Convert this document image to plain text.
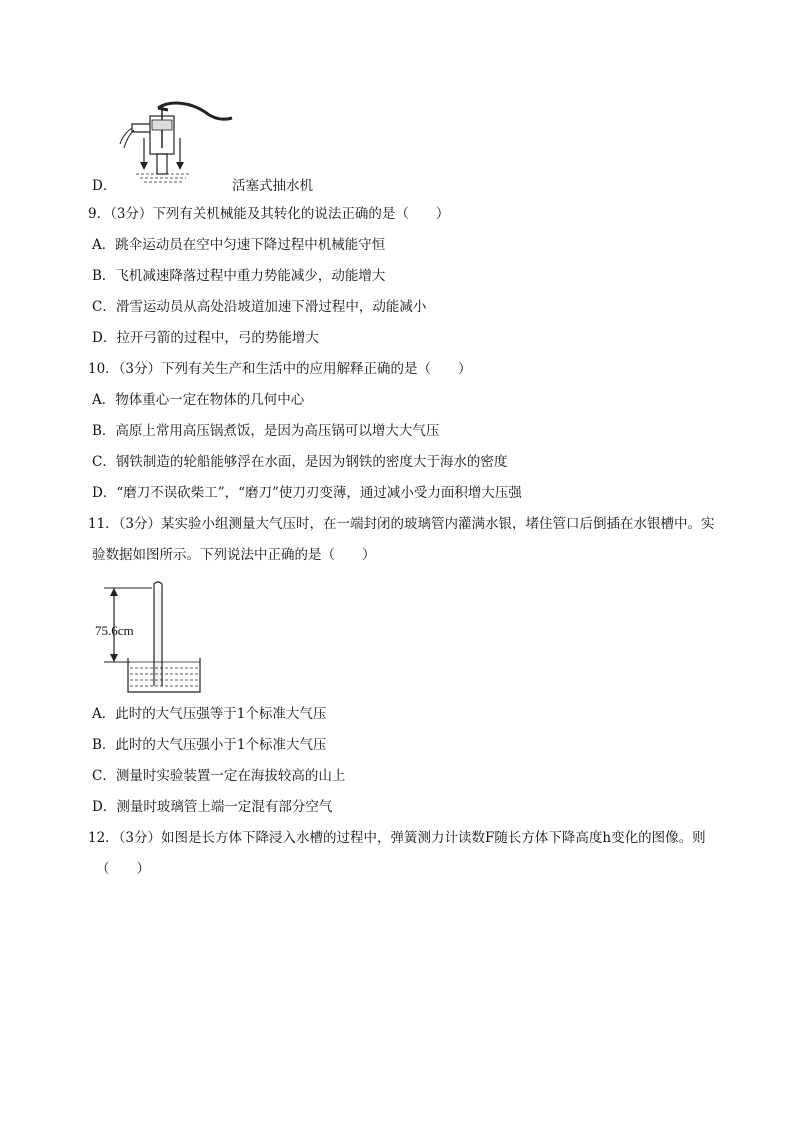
D．	活塞式抽水机
9．（3分）下列有关机械能及其转化的说法正确的是（　　）
A．跳伞运动员在空中匀速下降过程中机械能守恒
B．飞机减速降落过程中重力势能减少，动能增大
C．滑雪运动员从高处沿坡道加速下滑过程中，动能减小
D．拉开弓箭的过程中，弓的势能增大
10．（3分）下列有关生产和生活中的应用解释正确的是（　　）
A．物体重心一定在物体的几何中心
B．高原上常用高压锅煮饭，是因为高压锅可以增大大气压
C．钢铁制造的轮船能够浮在水面，是因为钢铁的密度大于海水的密度
D．“磨刀不误砍柴工”，“磨刀”使刀刃变薄，通过减小受力面积增大压强
11．（3分）某实验小组测量大气压时，在一端封闭的玻璃管内灌满水银，堵住管口后倒插在水银槽中。实
验数据如图所示。下列说法中正确的是（　　）
75.6cm
A．此时的大气压强等于1个标准大气压
B．此时的大气压强小于1个标准大气压
C．测量时实验装置一定在海拔较高的山上
D．测量时玻璃管上端一定混有部分空气
12．（3分）如图是长方体下降浸入水槽的过程中，弹簧测力计读数F随长方体下降高度h变化的图像。则
（　　）
